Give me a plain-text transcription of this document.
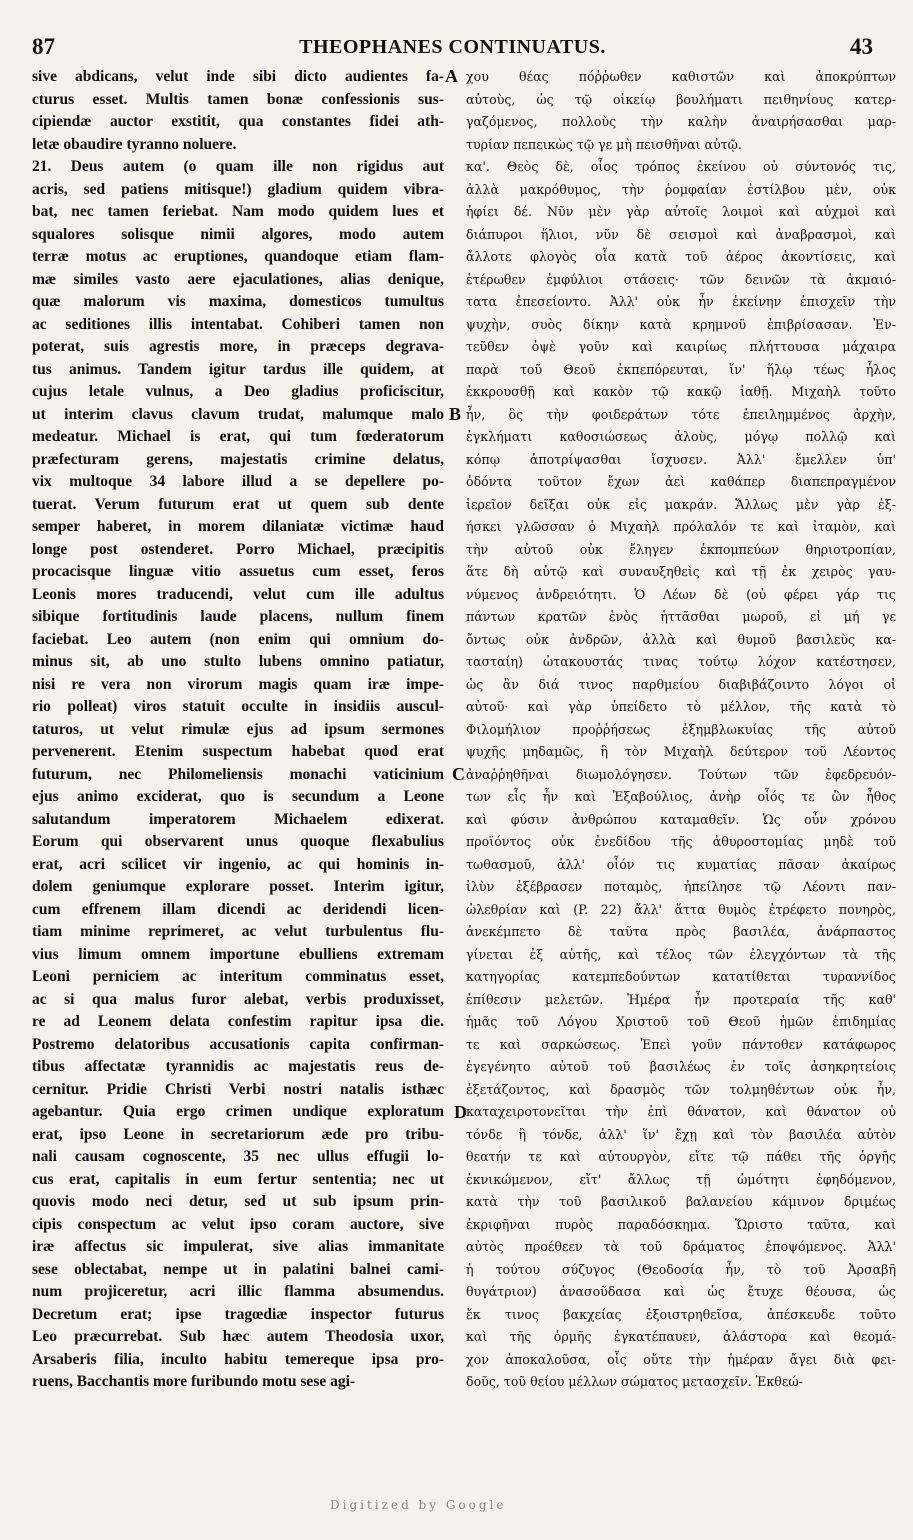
87	THEOPHANES CONTINUATUS.	43
sive abdicans, velut inde sibi dicto audientes fa-
cturus esset. Multis tamen bonæ confessionis sus-
cipiendæ auctor exstitit, qua constantes fidei ath-
letæ obaudire tyranno noluere.
21. Deus autem (o quam ille non rigidus aut
acris, sed patiens mitisque!) gladium quidem vibra-
bat, nec tamen feriebat. Nam modo quidem lues et
squalores solisque nimii algores, modo autem
terræ motus ac eruptiones, quandoque etiam flam-
mæ similes vasto aere ejaculationes, alias denique,
quæ malorum vis maxima, domesticos tumultus
ac seditiones illis intentabat. Cohiberi tamen non
poterat, suis agrestis more, in præceps degrava-
tus animus. Tandem igitur tardus ille quidem, at
cujus letale vulnus, a Deo gladius proficiscitur,
ut interim clavus clavum trudat, malumque malo
medeatur. Michael is erat, qui tum fœderatorum
præfecturam gerens, majestatis crimine delatus,
vix multoque 34 labore illud a se depellere po-
tuerat. Verum futurum erat ut quem sub dente
semper haberet, in morem dilaniatæ victimæ haud
longe post ostenderet. Porro Michael, præcipitis
procacisque linguæ vitio assuetus cum esset, feros
Leonis mores traducendi, velut cum ille adultus
sibique fortitudinis laude placens, nullum finem
faciebat. Leo autem (non enim qui omnium do-
minus sit, ab uno stulto lubens omnino patiatur,
nisi re vera non virorum magis quam iræ impe-
rio polleat) viros statuit occulte in insidiis auscul-
taturos, ut velut rimulæ ejus ad ipsum sermones
pervenerent. Etenim suspectum habebat quod erat
futurum, nec Philomeliensis monachi vaticinium
ejus animo exciderat, quo is secundum a Leone
salutandum imperatorem Michaelem edixerat.
Eorum qui observarent unus quoque flexabulius
erat, acri scilicet vir ingenio, ac qui hominis in-
dolem geniumque explorare posset. Interim igitur,
cum effrenem illam dicendi ac deridendi licen-
tiam minime reprimeret, ac velut turbulentus flu-
vius limum omnem importune ebulliens extremam
Leoni perniciem ac interitum comminatus esset,
ac si qua malus furor alebat, verbis produxisset,
re ad Leonem delata confestim rapitur ipsa die.
Postremo delatoribus accusationis capita confirman-
tibus affectatæ tyrannidis ac majestatis reus de-
cernitur. Pridie Christi Verbi nostri natalis isthæc
agebantur. Quia ergo crimen undique exploratum
erat, ipso Leone in secretariorum æde pro tribu-
nali causam cognoscente, 35 nec ullus effugii lo-
cus erat, capitalis in eum fertur sententia; nec ut
quovis modo neci detur, sed ut sub ipsum prin-
cipis conspectum ac velut ipso coram auctore, sive
iræ affectus sic impulerat, sive alias immanitate
sese oblectabat, nempe ut in palatini balnei cami-
num projiceretur, acri illic flamma absumendus.
Decretum erat; ipse tragœdiæ inspector futurus
Leo præcurrebat. Sub hæc autem Theodosia uxor,
Arsaberis filia, inculto habitu temereque ipsa pro-
ruens, Bacchantis more furibundo motu sese agi-
χου θέας πόῤῥωθεν καθιστῶν καὶ ἀποκρύπτων
αὐτοὺς, ὡς τῷ οἰκείῳ βουλήματι πειθηνίους κατερ-
γαζόμενος, πολλοὺς τὴν καλὴν ἀναιρήσασθαι μαρ-
τυρίαν πεπεικὼς τῷ γε μὴ πεισθῆναι αὐτῷ.
κα'. Θεὸς δὲ, οἷος τρόπος ἐκείνου οὐ σύντονός τις,
ἀλλὰ μακρόθυμος, τὴν ῥομφαίαν ἐστίλβου μὲν, οὐκ
ἠφίει δέ. Νῦν μὲν γὰρ αὐτοῖς λοιμοὶ καὶ αὐχμοὶ καὶ
διάπυροι ἥλιοι, νῦν δὲ σεισμοὶ καὶ ἀναβρασμοὶ, καὶ
ἄλλοτε φλογὸς οἷα κατὰ τοῦ ἀέρος ἀκοντίσεις, καὶ
ἑτέρωθεν ἐμφύλιοι στάσεις· τῶν δεινῶν τὰ ἀκμαιό-
τατα ἐπεσείοντο. Ἀλλ' οὐκ ἦν ἐκείνην ἐπισχεῖν τὴν
ψυχὴν, συὸς δίκην κατὰ κρημνοῦ ἐπιβρίσασαν. Ἐν-
τεῦθεν ὀψὲ γοῦν καὶ καιρίως πλήττουσα μάχαιρα
παρὰ τοῦ Θεοῦ ἐκπεπόρευται, ἵν' ἥλῳ τέως ἧλος
ἐκκρουσθῇ καὶ κακὸν τῷ κακῷ ἰαθῇ. Μιχαὴλ τοῦτο
ἦν, ὃς τὴν φοιδεράτων τότε ἐπειλημμένος ἀρχὴν,
ἐγκλήματι καθοσιώσεως ἁλοὺς, μόγῳ πολλῷ καὶ
κόπῳ ἀποτρίψασθαι ἴσχυσεν. Ἀλλ' ἔμελλεν ὑπ'
ὀδόντα τοῦτον ἔχων ἀεὶ καθάπερ διαπεπραγμένον
ἱερεῖον δεῖξαι οὐκ εἰς μακράν. Ἄλλως μὲν γὰρ ἐξ-
ήσκει γλῶσσαν ὁ Μιχαὴλ πρόλαλόν τε καὶ ἰταμὸν, καὶ
τὴν αὐτοῦ οὐκ ἔληγεν ἐκπομπεύων θηριοτροπίαν,
ἅτε δὴ αὐτῷ καὶ συναυξηθεὶς καὶ τῇ ἐκ χειρὸς γαυ-
νύμενος ἀνδρειότητι. Ὁ Λέων δὲ (οὐ φέρει γάρ τις
πάντων κρατῶν ἑνὸς ἡττᾶσθαι μωροῦ, εἰ μή γε
ὄντως οὐκ ἀνδρῶν, ἀλλὰ καὶ θυμοῦ βασιλεὺς κα-
τασταίη) ὠτακουστάς τινας τούτῳ λόχον κατέστησεν,
ὡς ἂν διά τινος παρθμείου διαβιβάζοιντο λόγοι οἱ
αὐτοῦ· καὶ γὰρ ὑπείδετο τὸ μέλλον, τῆς κατὰ τὸ
Φιλομήλιον προῤῥήσεως ἐξημβλωκυίας τῆς αὐτοῦ
ψυχῆς μηδαμῶς, ἣ τὸν Μιχαὴλ δεύτερον τοῦ Λέοντος
ἀναῤῥηθῆναι διωμολόγησεν. Τούτων τῶν ἐφεδρευόν-
των εἷς ἦν καὶ Ἑξαβούλιος, ἀνὴρ οἷός τε ὢν ἦθος
καὶ φύσιν ἀνθρώπου καταμαθεῖν. Ὡς οὖν χρόνου
προϊόντος οὐκ ἐνεδίδου τῆς ἀθυροστομίας μηδὲ τοῦ
τωθασμοῦ, ἀλλ' οἷόν τις κυματίας πᾶσαν ἀκαίρως
ἰλὺν ἐξέβρασεν ποταμὸς, ἠπείλησε τῷ Λέοντι παν-
ὠλεθρίαν καὶ (P. 22) ἄλλ' ἅττα θυμὸς ἐτρέφετο πονηρὸς,
ἀνεκέμπετο δὲ ταῦτα πρὸς βασιλέα, ἀνάρπαστος
γίνεται ἐξ αὐτῆς, καὶ τέλος τῶν ἐλεγχόντων τὰ τῆς
κατηγορίας κατεμπεδούντων κατατίθεται τυραννίδος
ἐπίθεσιν μελετῶν. Ἡμέρα ἦν προτεραία τῆς καθ'
ἡμᾶς τοῦ Λόγου Χριστοῦ τοῦ Θεοῦ ἡμῶν ἐπιδημίας
τε καὶ σαρκώσεως. Ἐπεὶ γοῦν πάντοθεν κατάφωρος
ἐγεγένητο αὐτοῦ τοῦ βασιλέως ἐν τοῖς ἀσηκρητείοις
ἐξετάζοντος, καὶ δρασμὸς τῶν τολμηθέντων οὐκ ἦν,
καταχειροτονεῖται τὴν ἐπὶ θάνατον, καὶ θάνατον οὐ
τόνδε ἢ τόνδε, ἀλλ' ἵν' ἔχῃ καὶ τὸν βασιλέα αὐτὸν
θεατήν τε καὶ αὐτουργὸν, εἴτε τῷ πάθει τῆς ὀργῆς
ἐκνικώμενον, εἴτ' ἄλλως τῇ ὠμότητι ἐφηδόμενον,
κατὰ τὴν τοῦ βασιλικοῦ βαλανείου κάμινον δριμέως
ἐκριφῆναι πυρὸς παραδόσκημα. Ὥριστο ταῦτα, καὶ
αὐτὸς προέθεεν τὰ τοῦ δράματος ἐποψόμενος. Ἀλλ'
ἡ τούτου σύζυγος (Θεοδοσία ἦν, τὸ τοῦ Ἀρσαβῆ
θυγάτριον) ἀνασοῦδασα καὶ ὡς ἔτυχε θέουσα, ὡς
ἔκ τινος βακχείας ἐξοιστρηθεῖσα, ἀπέσκευδε τοῦτο
καὶ τῆς ὁρμῆς ἐγκατέπαυεν, ἀλάστορα καὶ θεομά-
χον ἀποκαλοῦσα, οἷς οὔτε τὴν ἡμέραν ἄγει διὰ φει-
δοῦς, τοῦ θείου μέλλων σώματος μετασχεῖν. Ἐκθεώ-
A
B
C
D
Digitized by Google
